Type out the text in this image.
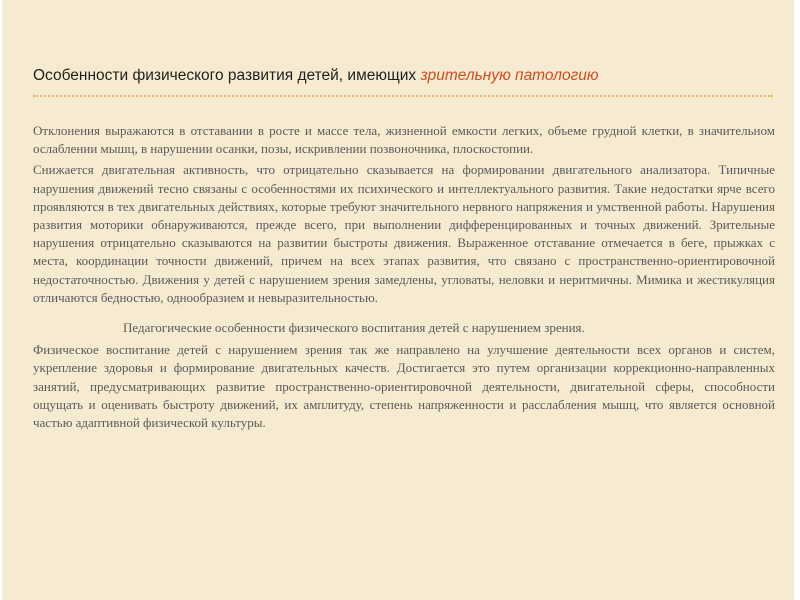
Особенности физического развития детей, имеющих зрительную патологию

Отклонения выражаются в отставании в росте и массе тела, жизненной емкости легких, объеме грудной клетки, в значительном ослаблении мышц, в нарушении осанки, позы, искривлении позвоночника, плоскостопии.

Снижается двигательная активность, что отрицательно сказывается на формировании двигательного анализатора. Типичные нарушения движений тесно связаны с особенностями их психического и интеллектуального развития. Такие недостатки ярче всего проявляются в тех двигательных действиях, которые требуют значительного нервного напряжения и умственной работы. Нарушения развития моторики обнаруживаются, прежде всего, при выполнении дифференцированных и точных движений. Зрительные нарушения отрицательно сказываются на развитии быстроты движения. Выраженное отставание отмечается в беге, прыжках с места, координации точности движений, причем на всех этапах развития, что связано с пространственно-ориентировочной недостаточностью. Движения у детей с нарушением зрения замедлены, угловаты, неловки и неритмичны. Мимика и жестикуляция отличаются бедностью, однообразием и невыразительностью.

Педагогические особенности физического воспитания детей с нарушением зрения.

Физическое воспитание детей с нарушением зрения так же направлено на улучшение деятельности всех органов и систем, укрепление здоровья и формирование двигательных качеств. Достигается это путем организации коррекционно-направленных занятий, предусматривающих развитие пространственно-ориентировочной деятельности, двигательной сферы, способности ощущать и оценивать быстроту движений, их амплитуду, степень напряженности и расслабления мышц, что является основной частью адаптивной физической культуры.
